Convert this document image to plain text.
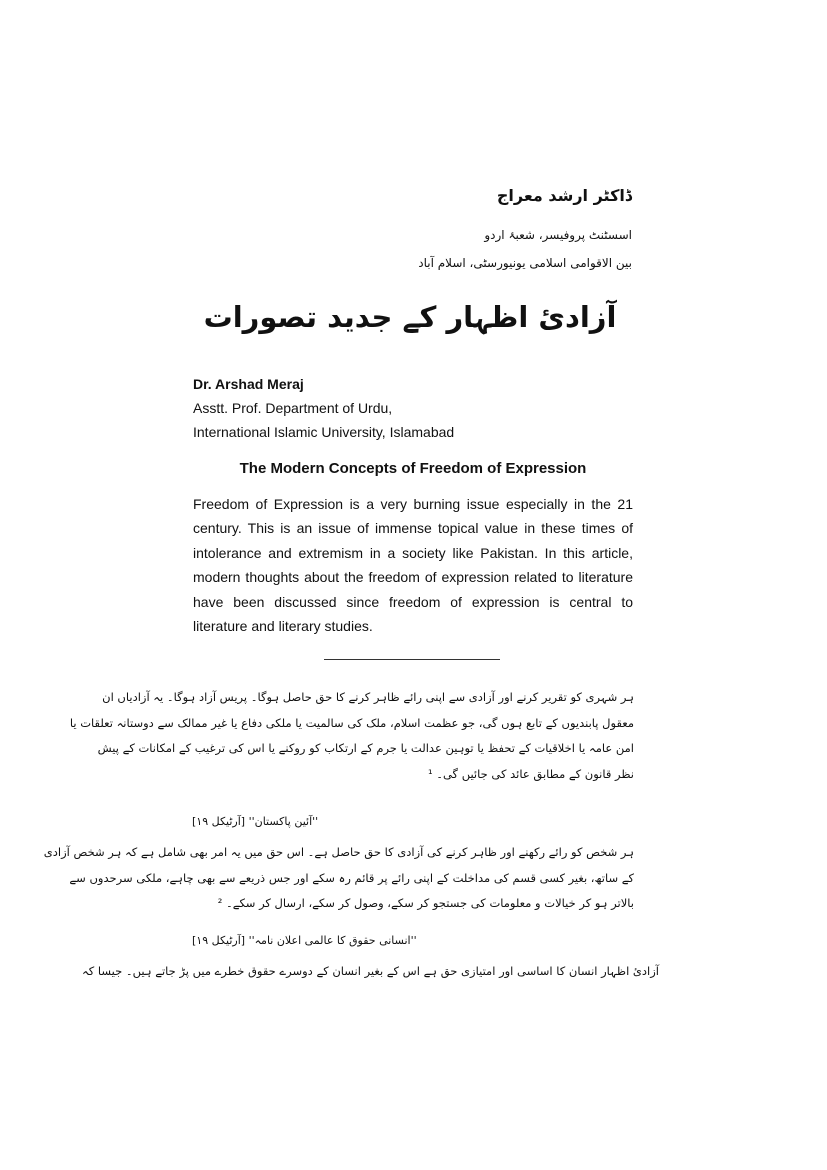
ڈاکٹر ارشد معراج
اسسٹنٹ پروفیسر، شعبۂ اردو
بین الاقوامی اسلامی یونیورسٹی، اسلام آباد
آزادیٔ اظہار کے جدید تصورات
Dr. Arshad Meraj
Asstt. Prof. Department of Urdu,
International Islamic University, Islamabad
The Modern Concepts of Freedom of Expression
Freedom of Expression is a very burning issue especially in the 21 century. This is an issue of immense topical value in these times of intolerance and extremism in a society like Pakistan. In this article, modern thoughts about the freedom of expression related to literature have been discussed since freedom of expression is central to literature and literary studies.
ہر شہری کو تقریر کرنے اور آزادی سے اپنی رائے ظاہر کرنے کا حق حاصل ہوگا۔ پریس آزاد ہوگا۔ یہ آزادیاں ان
معقول پابندیوں کے تابع ہوں گی، جو عظمت اسلام، ملک کی سالمیت یا ملکی دفاع یا غیر ممالک سے دوستانہ تعلقات یا
امن عامہ یا اخلاقیات کے تحفظ یا توہین عدالت یا جرم کے ارتکاب کو روکنے یا اس کی ترغیب کے امکانات کے پیش
نظر قانون کے مطابق عائد کی جائیں گی۔ ¹
''آئین پاکستان'' [آرٹیکل ۱۹]
ہر شخص کو رائے رکھنے اور ظاہر کرنے کی آزادی کا حق حاصل ہے۔ اس حق میں یہ امر بھی شامل ہے کہ ہر شخص آزادی
کے ساتھ، بغیر کسی قسم کی مداخلت کے اپنی رائے پر قائم رہ سکے اور جس ذریعے سے بھی چاہے، ملکی سرحدوں سے
بالاتر ہو کر خیالات و معلومات کی جستجو کر سکے، وصول کر سکے، ارسال کر سکے۔ ²
''انسانی حقوق کا عالمی اعلان نامہ'' [آرٹیکل ۱۹]
آزادیٔ اظہار انسان کا اساسی اور امتیازی حق ہے اس کے بغیر انسان کے دوسرے حقوق خطرے میں پڑ جاتے ہیں۔ جیسا کہ
